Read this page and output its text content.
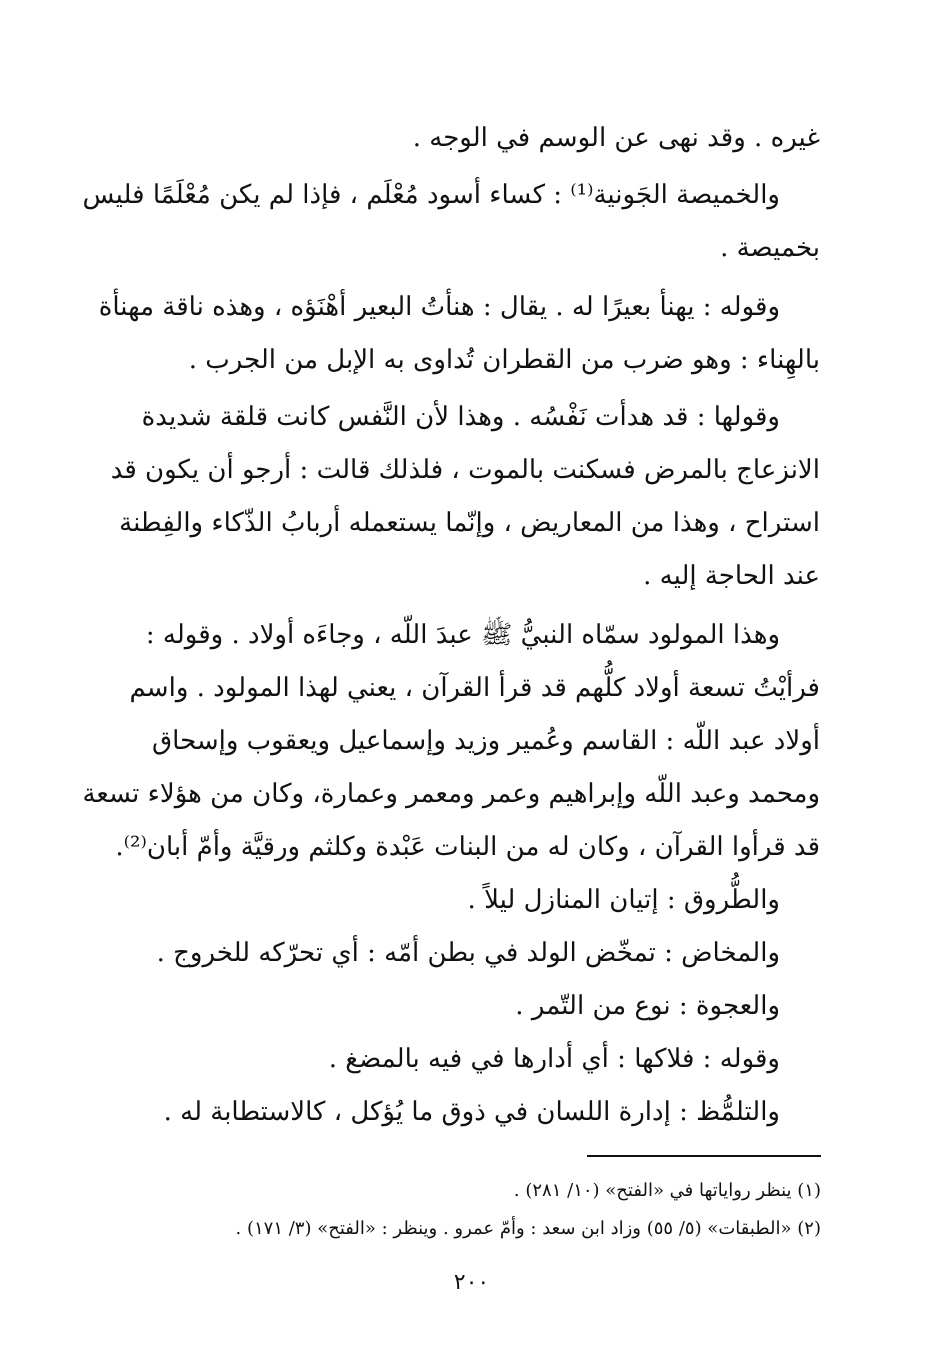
غيره . وقد نهى عن الوسم في الوجه .

والخميصة الجَونية⁽¹⁾ : كساء أسود مُعْلَم ، فإذا لم يكن مُعْلَمًا فليس
بخميصة .

وقوله : يهنأ بعيرًا له . يقال : هنأتُ البعير أهْنَؤه ، وهذه ناقة مهنأة
بالهِناء : وهو ضرب من القطران تُداوى به الإبل من الجرب .

وقولها : قد هدأت نَفْسُه . وهذا لأن النَّفس كانت قلقة شديدة
الانزعاج بالمرض فسكنت بالموت ، فلذلك قالت : أرجو أن يكون قد
استراح ، وهذا من المعاريض ، وإنّما يستعمله أربابُ الذّكاء والفِطنة
عند الحاجة إليه .

وهذا المولود سمّاه النبيُّ ﷺ عبدَ اللّه ، وجاءَه أولاد . وقوله :
فرأيْتُ تسعة أولاد كلُّهم قد قرأ القرآن ، يعني لهذا المولود . واسم
أولاد عبد اللّه : القاسم وعُمير وزيد وإسماعيل ويعقوب وإسحاق
ومحمد وعبد اللّه وإبراهيم وعمر ومعمر وعمارة، وكان من هؤلاء تسعة
قد قرأوا القرآن ، وكان له من البنات عَبْدة وكلثم ورقيَّة وأمّ أبان⁽²⁾.

والطُّروق : إتيان المنازل ليلاً .

والمخاض : تمخّض الولد في بطن أمّه : أي تحرّكه للخروج .

والعجوة : نوع من التّمر .

وقوله : فلاكها : أي أدارها في فيه بالمضغ .

والتلمُّظ : إدارة اللسان في ذوق ما يُؤكل ، كالاستطابة له .

(١) ينظر رواياتها في «الفتح» (١٠/ ٢٨١) .
(٢) «الطبقات» (٥/ ٥٥) وزاد ابن سعد : وأمّ عمرو . وينظر : «الفتح» (٣/ ١٧١) .
٢٠٠
